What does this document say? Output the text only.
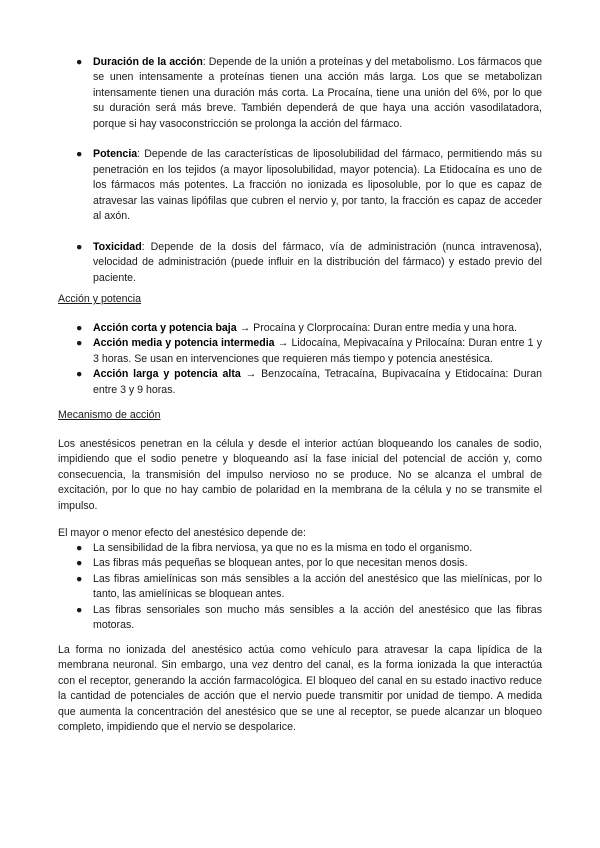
● Duración de la acción: Depende de la unión a proteínas y del metabolismo. Los fármacos que se unen intensamente a proteínas tienen una acción más larga. Los que se metabolizan intensamente tienen una duración más corta. La Procaína, tiene una unión del 6%, por lo que su duración será más breve. También dependerá de que haya una acción vasodilatadora, porque si hay vasoconstricción se prolonga la acción del fármaco.
● Potencia: Depende de las características de liposolubilidad del fármaco, permitiendo más su penetración en los tejidos (a mayor liposolubilidad, mayor potencia). La Etidocaína es uno de los fármacos más potentes. La fracción no ionizada es liposoluble, por lo que es capaz de atravesar las vainas lipófilas que cubren el nervio y, por tanto, la fracción es capaz de acceder al axón.
● Toxicidad: Depende de la dosis del fármaco, vía de administración (nunca intravenosa), velocidad de administración (puede influir en la distribución del fármaco) y estado previo del paciente.

Acción y potencia

● Acción corta y potencia baja → Procaína y Clorprocaína: Duran entre media y una hora.
● Acción media y potencia intermedia → Lidocaína, Mepivacaína y Prilocaína: Duran entre 1 y 3 horas. Se usan en intervenciones que requieren más tiempo y potencia anestésica.
● Acción larga y potencia alta → Benzocaína, Tetracaína, Bupivacaína y Etidocaína: Duran entre 3 y 9 horas.

Mecanismo de acción

Los anestésicos penetran en la célula y desde el interior actúan bloqueando los canales de sodio, impidiendo que el sodio penetre y bloqueando así la fase inicial del potencial de acción y, como consecuencia, la transmisión del impulso nervioso no se produce. No se alcanza el umbral de excitación, por lo que no hay cambio de polaridad en la membrana de la célula y no se transmite el impulso.

El mayor o menor efecto del anestésico depende de:

● La sensibilidad de la fibra nerviosa, ya que no es la misma en todo el organismo.
● Las fibras más pequeñas se bloquean antes, por lo que necesitan menos dosis.
● Las fibras amielínicas son más sensibles a la acción del anestésico que las mielínicas, por lo tanto, las amielínicas se bloquean antes.
● Las fibras sensoriales son mucho más sensibles a la acción del anestésico que las fibras motoras.

La forma no ionizada del anestésico actúa como vehículo para atravesar la capa lipídica de la membrana neuronal. Sin embargo, una vez dentro del canal, es la forma ionizada la que interactúa con el receptor, generando la acción farmacológica. El bloqueo del canal en su estado inactivo reduce la cantidad de potenciales de acción que el nervio puede transmitir por unidad de tiempo. A medida que aumenta la concentración del anestésico que se une al receptor, se puede alcanzar un bloqueo completo, impidiendo que el nervio se despolarice.
